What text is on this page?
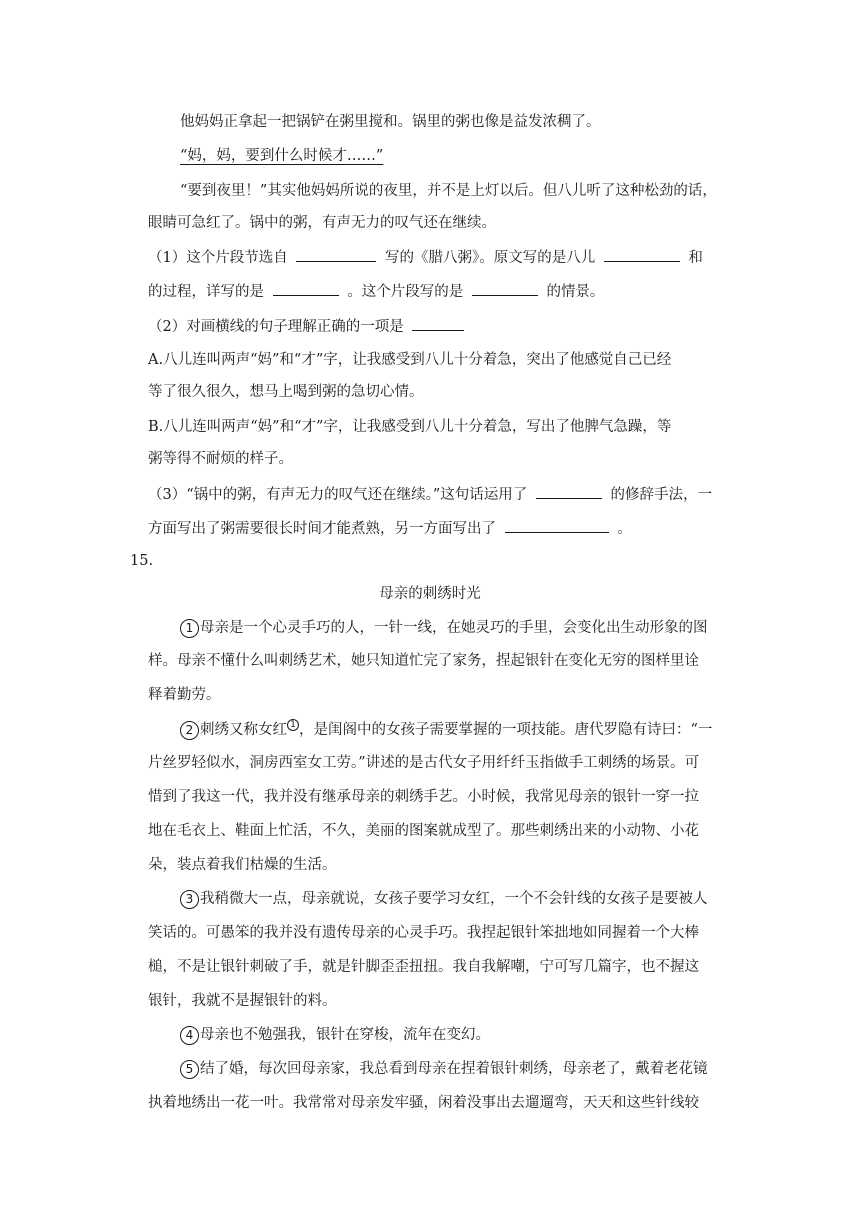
他妈妈正拿起一把锅铲在粥里搅和。锅里的粥也像是益发浓稠了。
“妈，妈，要到什么时候才……”
“要到夜里！”其实他妈妈所说的夜里，并不是上灯以后。但八儿听了这种松劲的话，
眼睛可急红了。锅中的粥，有声无力的叹气还在继续。
（1）这个片段节选自	写的《腊八粥》。原文写的是八儿	和
的过程，详写的是	。这个片段写的是	的情景。
（2）对画横线的句子理解正确的一项是
A.八儿连叫两声“妈”和“才”字，让我感受到八儿十分着急，突出了他感觉自己已经
等了很久很久，想马上喝到粥的急切心情。
B.八儿连叫两声“妈”和“才”字，让我感受到八儿十分着急，写出了他脾气急躁，等
粥等得不耐烦的样子。
（3）“锅中的粥，有声无力的叹气还在继续。”这句话运用了	的修辞手法，一
方面写出了粥需要很长时间才能煮熟，另一方面写出了	。
15.
母亲的刺绣时光
1 母亲是一个心灵手巧的人，一针一线，在她灵巧的手里，会变化出生动形象的图
样。母亲不懂什么叫刺绣艺术，她只知道忙完了家务，捏起银针在变化无穷的图样里诠
释着勤劳。
2 刺绣又称女红 1 ，是闺阁中的女孩子需要掌握的一项技能。唐代罗隐有诗曰：“一
片丝罗轻似水，洞房西室女工劳。”讲述的是古代女子用纤纤玉指做手工刺绣的场景。可
惜到了我这一代，我并没有继承母亲的刺绣手艺。小时候，我常见母亲的银针一穿一拉
地在毛衣上、鞋面上忙活，不久，美丽的图案就成型了。那些刺绣出来的小动物、小花
朵，装点着我们枯燥的生活。
3 我稍微大一点，母亲就说，女孩子要学习女红，一个不会针线的女孩子是要被人
笑话的。可愚笨的我并没有遗传母亲的心灵手巧。我捏起银针笨拙地如同握着一个大棒
槌，不是让银针刺破了手，就是针脚歪歪扭扭。我自我解嘲，宁可写几篇字，也不握这
银针，我就不是握银针的料。
4 母亲也不勉强我，银针在穿梭，流年在变幻。
5 结了婚，每次回母亲家，我总看到母亲在捏着银针刺绣，母亲老了，戴着老花镜
执着地绣出一花一叶。我常常对母亲发牢骚，闲着没事出去遛遛弯，天天和这些针线较
